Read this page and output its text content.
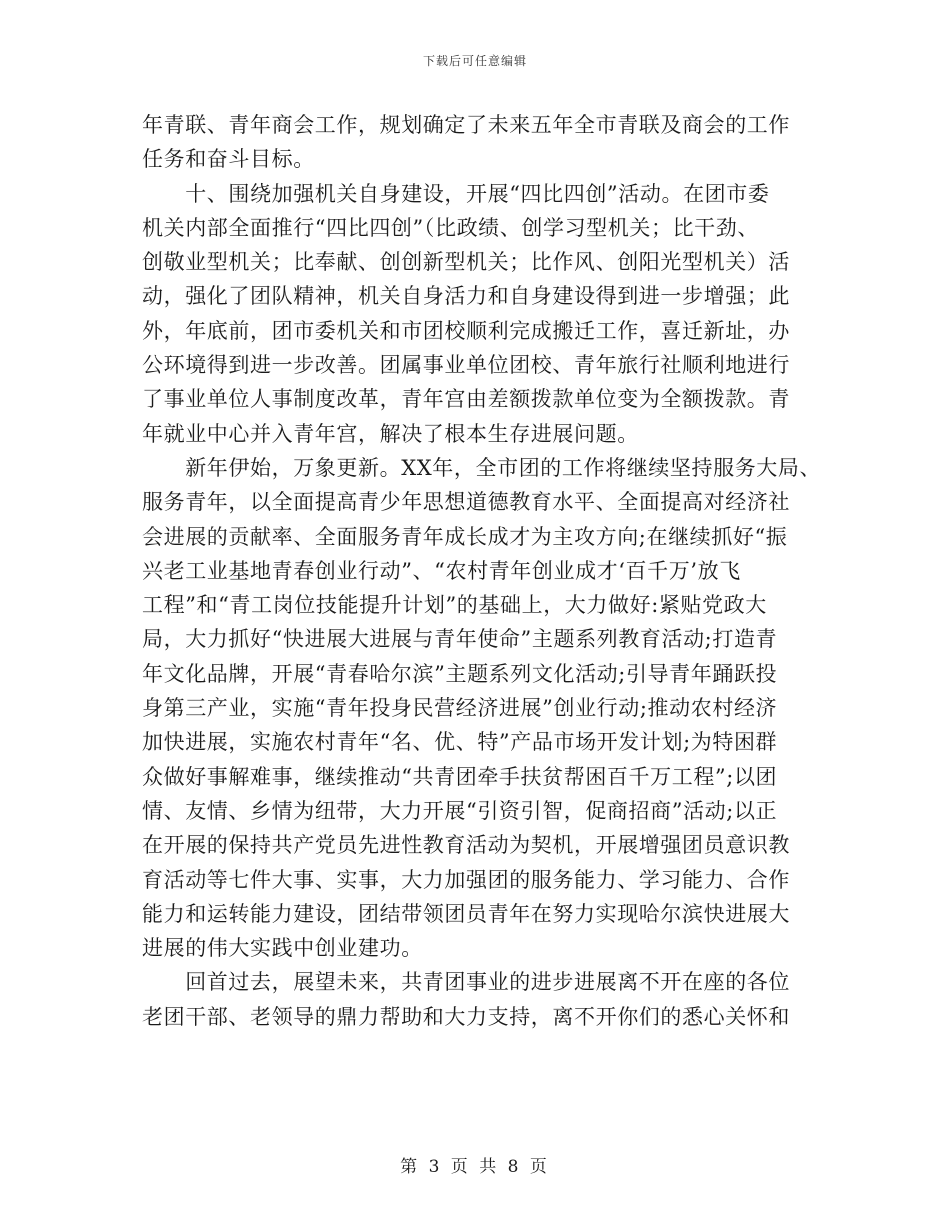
下载后可任意编辑
年青联、青年商会工作，规划确定了未来五年全市青联及商会的工作
任务和奋斗目标。
　　十、围绕加强机关自身建设，开展“四比四创”活动。在团市委
机关内部全面推行“四比四创”（比政绩、创学习型机关；比干劲、
创敬业型机关；比奉献、创创新型机关；比作风、创阳光型机关）活
动，强化了团队精神，机关自身活力和自身建设得到进一步增强；此
外，年底前，团市委机关和市团校顺利完成搬迁工作，喜迁新址，办
公环境得到进一步改善。团属事业单位团校、青年旅行社顺利地进行
了事业单位人事制度改革，青年宫由差额拨款单位变为全额拨款。青
年就业中心并入青年宫，解决了根本生存进展问题。
　　新年伊始，万象更新。XX年，全市团的工作将继续坚持服务大局、
服务青年，以全面提高青少年思想道德教育水平、全面提高对经济社
会进展的贡献率、全面服务青年成长成才为主攻方向;在继续抓好“振
兴老工业基地青春创业行动”、“农村青年创业成才‘百千万’放飞
工程”和“青工岗位技能提升计划”的基础上，大力做好:紧贴党政大
局，大力抓好“快进展大进展与青年使命”主题系列教育活动;打造青
年文化品牌，开展“青春哈尔滨”主题系列文化活动;引导青年踊跃投
身第三产业，实施“青年投身民营经济进展”创业行动;推动农村经济
加快进展，实施农村青年“名、优、特”产品市场开发计划;为特困群
众做好事解难事，继续推动“共青团牵手扶贫帮困百千万工程”;以团
情、友情、乡情为纽带，大力开展“引资引智，促商招商”活动;以正
在开展的保持共产党员先进性教育活动为契机，开展增强团员意识教
育活动等七件大事、实事，大力加强团的服务能力、学习能力、合作
能力和运转能力建设，团结带领团员青年在努力实现哈尔滨快进展大
进展的伟大实践中创业建功。
　　回首过去，展望未来，共青团事业的进步进展离不开在座的各位
老团干部、老领导的鼎力帮助和大力支持，离不开你们的悉心关怀和
第 3 页 共 8 页
